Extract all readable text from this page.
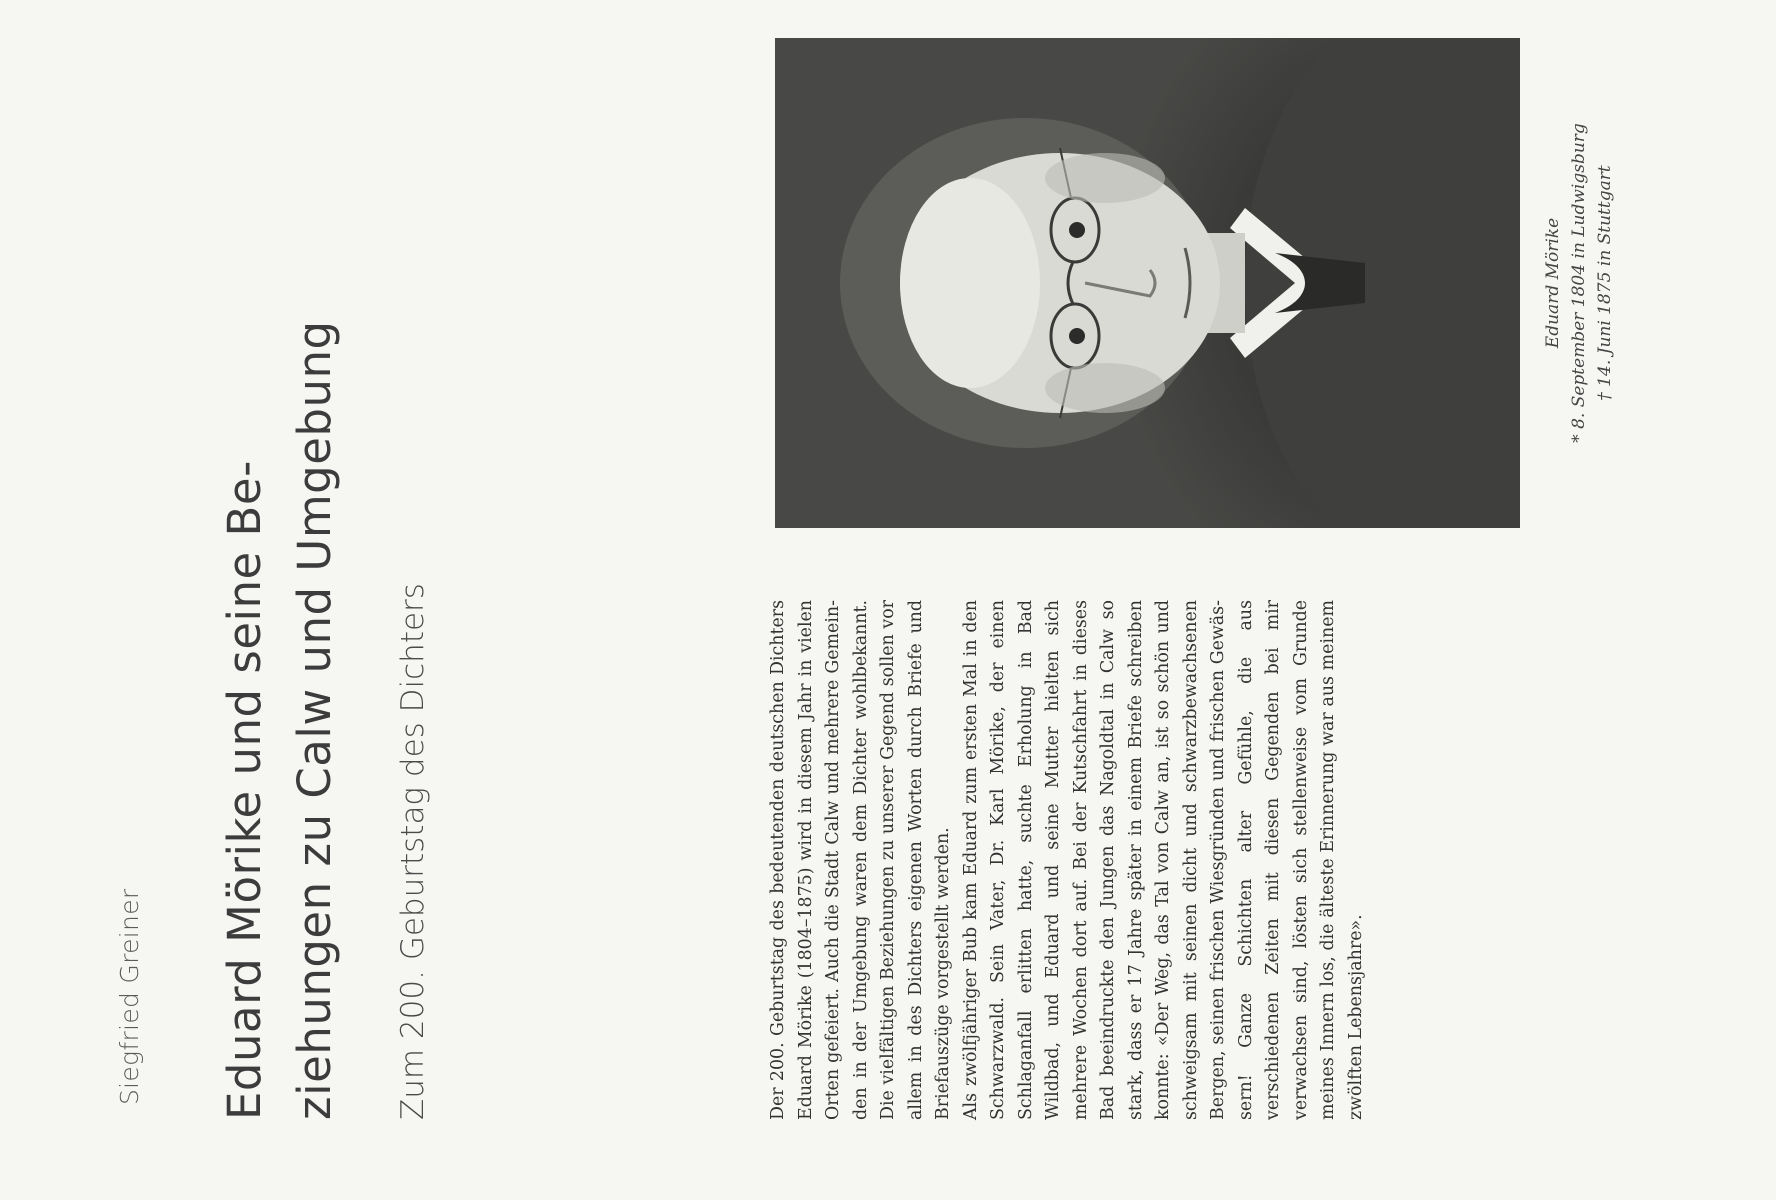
Siegfried Greiner Eduard Mörike und seine Be- ziehungen zu Calw und Umgebung Zum 200. Geburtstag des Dichters	Der 200. Geburtstag des bedeutenden deutschen Dichters Eduard Mörike (1804–1875) wird in diesem Jahr in vielen Orten gefeiert. Auch die Stadt Calw und mehrere Gemeinden in der Umgebung waren dem Dichter wohlbekannt. Die vielfältigen Beziehungen zu unserer Gegend sollen vor allem in des Dichters eigenen Worten durch Briefe und Briefauszüge vorgestellt werden. Als zwölfjähriger Bub kam Eduard zum ersten Mal in den Schwarzwald. Sein Vater, Dr. Karl Mörike, der einen Schlaganfall erlitten hatte, suchte Erholung in Bad Wildbad, und Eduard und seine Mutter hielten sich mehrere Wochen dort auf. Bei der Kutschfahrt in dieses Bad beeindruckte den Jungen das Nagoldtal in Calw so stark, dass er 17 Jahre später in einem Briefe schreiben konnte: «Der Weg, das Tal von Calw an, ist so schön und schweigsam mit seinen dicht und schwarzbewachsenen Bergen, seinen frischen Wiesgründen und frischen Gewässern! Ganze Schichten alter Gefühle, die aus verschiedenen Zeiten mit diesen Gegenden bei mir verwachsen sind, lösten sich stellenweise vom Grunde meines Innern los, die älteste Erinnerung war aus meinem zwölften Lebensjahre».

Eduard Mörike * 8. September 1804 in Ludwigsburg † 14. Juni 1875 in Stuttgart
